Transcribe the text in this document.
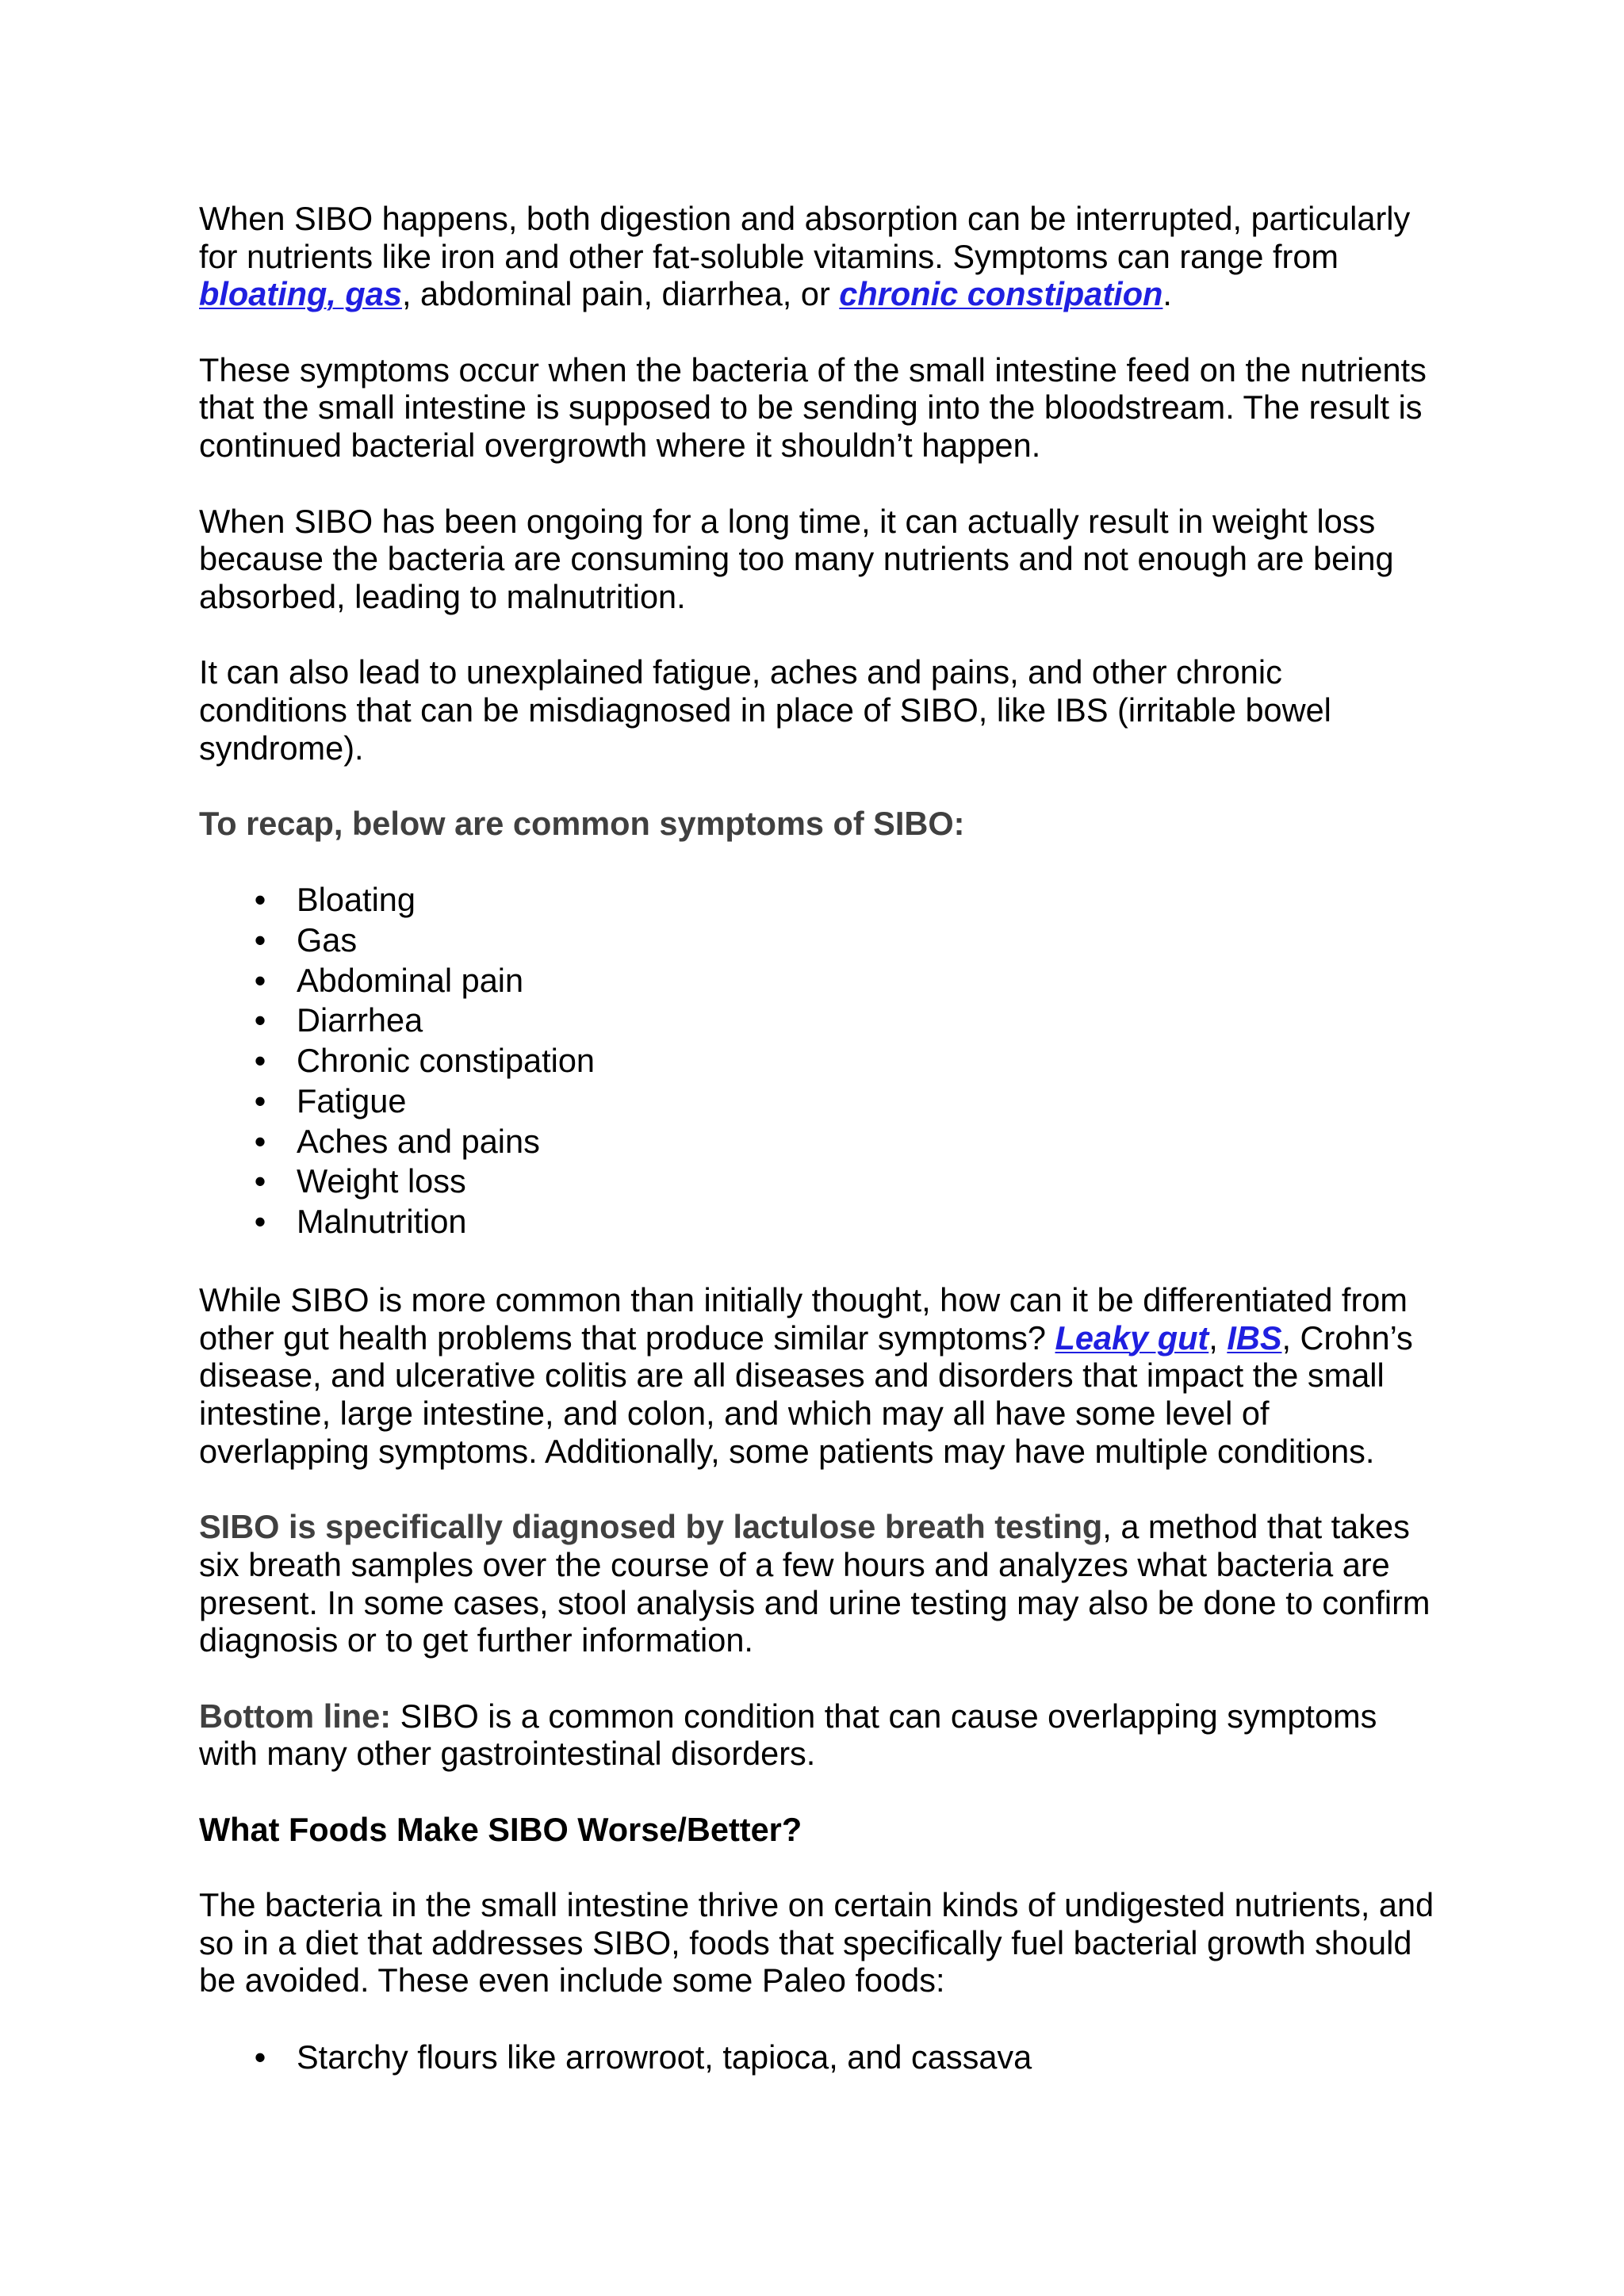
When SIBO happens, both digestion and absorption can be interrupted, particularly
for nutrients like iron and other fat-soluble vitamins. Symptoms can range from
bloating, gas, abdominal pain, diarrhea, or chronic constipation.
These symptoms occur when the bacteria of the small intestine feed on the nutrients
that the small intestine is supposed to be sending into the bloodstream. The result is
continued bacterial overgrowth where it shouldn’t happen.
When SIBO has been ongoing for a long time, it can actually result in weight loss
because the bacteria are consuming too many nutrients and not enough are being
absorbed, leading to malnutrition.
It can also lead to unexplained fatigue, aches and pains, and other chronic
conditions that can be misdiagnosed in place of SIBO, like IBS (irritable bowel
syndrome).
To recap, below are common symptoms of SIBO:
•
Bloating
•
Gas
•
Abdominal pain
•
Diarrhea
•
Chronic constipation
•
Fatigue
•
Aches and pains
•
Weight loss
•
Malnutrition
While SIBO is more common than initially thought, how can it be differentiated from
other gut health problems that produce similar symptoms? Leaky gut, IBS, Crohn’s
disease, and ulcerative colitis are all diseases and disorders that impact the small
intestine, large intestine, and colon, and which may all have some level of
overlapping symptoms. Additionally, some patients may have multiple conditions.
SIBO is specifically diagnosed by lactulose breath testing, a method that takes
six breath samples over the course of a few hours and analyzes what bacteria are
present. In some cases, stool analysis and urine testing may also be done to confirm
diagnosis or to get further information.
Bottom line: SIBO is a common condition that can cause overlapping symptoms
with many other gastrointestinal disorders.
What Foods Make SIBO Worse/Better?
The bacteria in the small intestine thrive on certain kinds of undigested nutrients, and
so in a diet that addresses SIBO, foods that specifically fuel bacterial growth should
be avoided. These even include some Paleo foods:
•
Starchy flours like arrowroot, tapioca, and cassava
